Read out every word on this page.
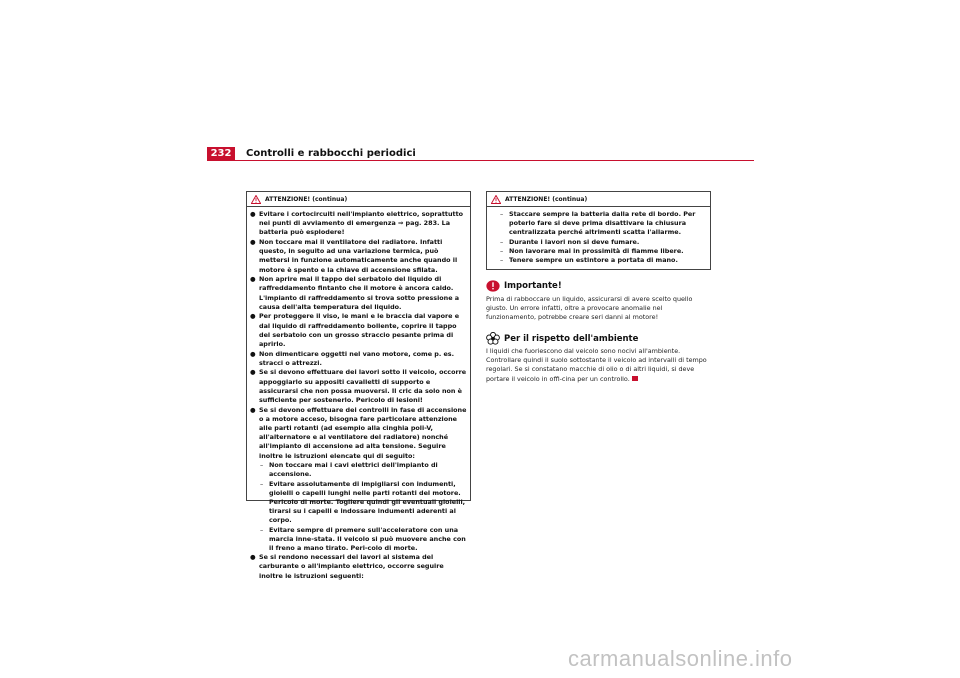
232	Controlli e rabbocchi periodici
ATTENZIONE! (continua)
● Evitare i cortocircuiti nell'impianto elettrico, soprattutto nei punti di avviamento di emergenza ⇒ pag. 283. La batteria può esplodere!
● Non toccare mai il ventilatore del radiatore. Infatti questo, in seguito ad una variazione termica, può mettersi in funzione automaticamente anche quando il motore è spento e la chiave di accensione sfilata.
● Non aprire mai il tappo del serbatoio del liquido di raffreddamento fintanto che il motore è ancora caldo. L'impianto di raffreddamento si trova sotto pressione a causa dell'alta temperatura del liquido.
● Per proteggere il viso, le mani e le braccia dal vapore e dal liquido di raffreddamento bollente, coprire il tappo del serbatoio con un grosso straccio pesante prima di aprirlo.
● Non dimenticare oggetti nel vano motore, come p. es. stracci o attrezzi.
● Se si devono effettuare dei lavori sotto il veicolo, occorre appoggiarlo su appositi cavalletti di supporto e assicurarsi che non possa muoversi. Il cric da solo non è sufficiente per sostenerlo. Pericolo di lesioni!
● Se si devono effettuare dei controlli in fase di accensione o a motore acceso, bisogna fare particolare attenzione alle parti rotanti (ad esempio alla cinghia poli-V, all'alternatore e al ventilatore del radiatore) nonché all'impianto di accensione ad alta tensione. Seguire inoltre le istruzioni elencate qui di seguito:
– Non toccare mai i cavi elettrici dell'impianto di accensione.
– Evitare assolutamente di impigliarsi con indumenti, gioielli o capelli lunghi nelle parti rotanti del motore. Pericolo di morte. Togliere quindi gli eventuali gioielli, tirarsi su i capelli e indossare indumenti aderenti al corpo.
– Evitare sempre di premere sull'acceleratore con una marcia inne-stata. Il veicolo si può muovere anche con il freno a mano tirato. Peri-colo di morte.
● Se si rendono necessari dei lavori al sistema del carburante o all'impianto elettrico, occorre seguire inoltre le istruzioni seguenti:
ATTENZIONE! (continua)
– Staccare sempre la batteria dalla rete di bordo. Per poterlo fare si deve prima disattivare la chiusura centralizzata perché altrimenti scatta l'allarme.
– Durante i lavori non si deve fumare.
– Non lavorare mai in prossimità di fiamme libere.
– Tenere sempre un estintore a portata di mano.
Importante!
Prima di rabboccare un liquido, assicurarsi di avere scelto quello giusto. Un errore infatti, oltre a provocare anomalie nel funzionamento, potrebbe creare seri danni al motore!
Per il rispetto dell'ambiente
I liquidi che fuoriescono dal veicolo sono nocivi all'ambiente. Controllare quindi il suolo sottostante il veicolo ad intervalli di tempo regolari. Se si constatano macchie di olio o di altri liquidi, si deve portare il veicolo in offi-cina per un controllo.
carmanualsonline.info
